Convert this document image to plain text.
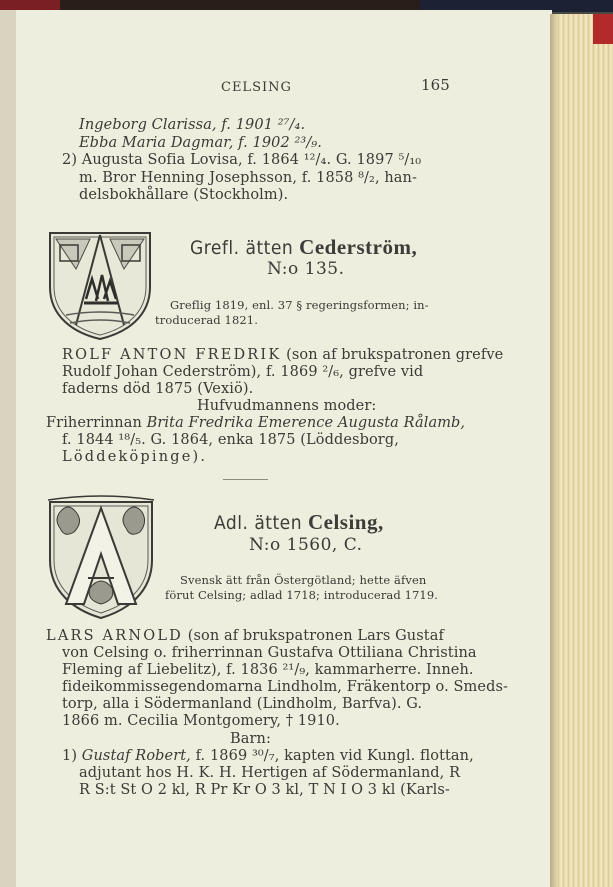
CELSING	165
Ingeborg Clarissa, f. 1901 ²⁷/₄.
Ebba Maria Dagmar, f. 1902 ²³/₉.
2) Augusta Sofia Lovisa, f. 1864 ¹²/₄. G. 1897 ⁵/₁₀
m. Bror Henning Josephsson, f. 1858 ⁸/₂, han-
delsbokhållare (Stockholm).
Grefl. ätten Cederström,
N:o 135.
Greflig 1819, enl. 37 § regeringsformen; in-
troducerad 1821.
ROLF ANTON FREDRIK (son af brukspatronen grefve
Rudolf Johan Cederström), f. 1869 ²/₆, grefve vid
faderns död 1875 (Vexiö).
Hufvudmannens moder:
Friherrinnan Brita Fredrika Emerence Augusta Rålamb,
f. 1844 ¹⁸/₅. G. 1864, enka 1875 (Löddesborg,
Löddeköpinge).
Adl. ätten Celsing,
N:o 1560, C.
Svensk ätt från Östergötland; hette äfven
förut Celsing; adlad 1718; introducerad 1719.
LARS ARNOLD (son af brukspatronen Lars Gustaf
von Celsing o. friherrinnan Gustafva Ottiliana Christina
Fleming af Liebelitz), f. 1836 ²¹/₉, kammarherre. Inneh.
fideikommissegendomarna Lindholm, Fräkentorp o. Smeds-
torp, alla i Södermanland (Lindholm, Barfva). G.
1866 m. Cecilia Montgomery, † 1910.
Barn:
1) Gustaf Robert, f. 1869 ³⁰/₇, kapten vid Kungl. flottan,
adjutant hos H. K. H. Hertigen af Södermanland, R
R S:t St O 2 kl, R Pr Kr O 3 kl, T N I O 3 kl (Karls-
